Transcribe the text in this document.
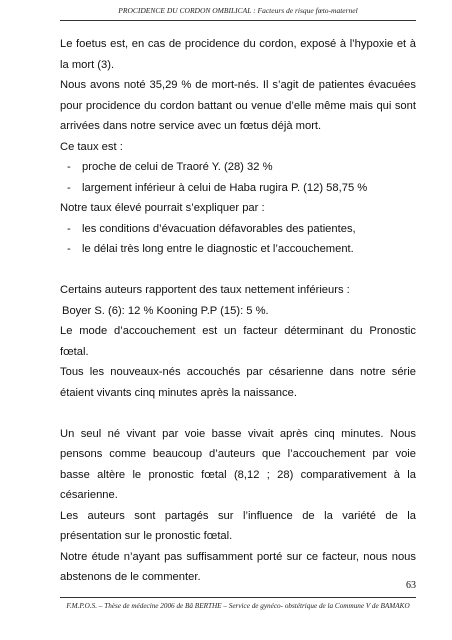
PROCIDENCE DU CORDON OMBILICAL : Facteurs de risque fœto-maternel

Le foetus est, en cas de procidence du cordon, exposé à l’hypoxie et à la mort (3).

Nous avons noté 35,29 % de mort-nés. Il s’agit de patientes évacuées pour procidence du cordon battant ou venue d’elle même mais qui sont arrivées dans notre service avec un fœtus déjà mort.

Ce taux est :

- proche de celui de Traoré Y. (28) 32 %
- largement inférieur à celui de Haba rugira P. (12) 58,75 %

Notre taux élevé pourrait s’expliquer par :

- les conditions d’évacuation défavorables des patientes,
- le délai très long entre le diagnostic et l’accouchement.

Certains auteurs rapportent des taux nettement inférieurs :

Boyer S. (6): 12 % Kooning P.P (15): 5 %.

Le mode d’accouchement est un facteur déterminant du Pronostic fœtal.

Tous les nouveaux-nés accouchés par césarienne dans notre série étaient vivants cinq minutes après la naissance.

Un seul né vivant par voie basse vivait après cinq minutes. Nous pensons comme beaucoup d’auteurs que l’accouchement par voie basse altère le pronostic fœtal (8,12 ; 28) comparativement à la césarienne.

Les auteurs sont partagés sur l’influence de la variété de la présentation sur le pronostic fœtal.

Notre étude n’ayant pas suffisamment porté sur ce facteur, nous nous abstenons de le commenter.

63
F.M.P.O.S. – Thèse de médecine 2006 de Bâ BERTHE – Service de gynéco- obstétrique de la Commune V de BAMAKO
